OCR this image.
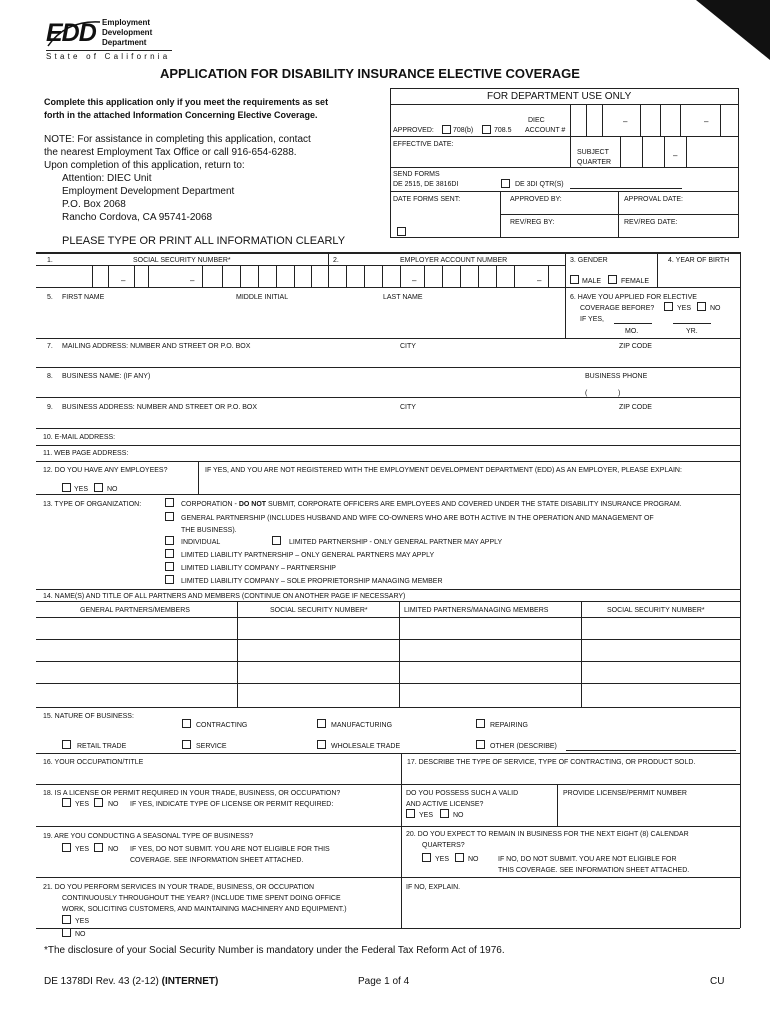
EDD Employment
Development
Department
State of California
APPLICATION FOR DISABILITY INSURANCE ELECTIVE COVERAGE
Complete this application only if you meet the requirements as set
forth in the attached Information Concerning Elective Coverage.
NOTE: For assistance in completing this application, contact
the nearest Employment Tax Office or call 916-654-6288.
Upon completion of this application, return to:
Attention: DIEC Unit
Employment Development Department
P.O. Box 2068
Rancho Cordova, CA 95741-2068
PLEASE TYPE OR PRINT ALL INFORMATION CLEARLY
FOR DEPARTMENT USE ONLY
APPROVED:	708(b)	708.5
DIEC
ACCOUNT #
–	–
EFFECTIVE DATE:
SUBJECT
QUARTER
–
SEND FORMS
DE 2515, DE 3816DI	DE 3DI QTR(S)
DATE FORMS SENT:	APPROVED BY:	APPROVAL DATE:
REV/REG BY:	REV/REG DATE:
1.	SOCIAL SECURITY NUMBER*	2.	EMPLOYER ACCOUNT NUMBER	3. GENDER	4. YEAR OF BIRTH
–	–	–	–	MALE	FEMALE
5. FIRST NAME	MIDDLE INITIAL	LAST NAME	6. HAVE YOU APPLIED FOR ELECTIVE
COVERAGE BEFORE?	YES	NO
IF YES,
MO.	YR.
7. MAILING ADDRESS: NUMBER AND STREET OR P.O. BOX	CITY	ZIP CODE
8. BUSINESS NAME: (IF ANY)	BUSINESS PHONE
(	)
9. BUSINESS ADDRESS: NUMBER AND STREET OR P.O. BOX	CITY	ZIP CODE
10. E-MAIL ADDRESS:
11. WEB PAGE ADDRESS:
12. DO YOU HAVE ANY EMPLOYEES?	IF YES, AND YOU ARE NOT REGISTERED WITH THE EMPLOYMENT DEVELOPMENT DEPARTMENT (EDD) AS AN EMPLOYER, PLEASE EXPLAIN:
YES	NO
13. TYPE OF ORGANIZATION:	CORPORATION - DO NOT SUBMIT, CORPORATE OFFICERS ARE EMPLOYEES AND COVERED UNDER THE STATE DISABILITY INSURANCE PROGRAM.
GENERAL PARTNERSHIP (INCLUDES HUSBAND AND WIFE CO-OWNERS WHO ARE BOTH ACTIVE IN THE OPERATION AND MANAGEMENT OF
THE BUSINESS).
INDIVIDUAL	LIMITED PARTNERSHIP - ONLY GENERAL PARTNER MAY APPLY
LIMITED LIABILITY PARTNERSHIP – ONLY GENERAL PARTNERS MAY APPLY
LIMITED LIABILITY COMPANY – PARTNERSHIP
LIMITED LIABILITY COMPANY – SOLE PROPRIETORSHIP MANAGING MEMBER
14. NAME(S) AND TITLE OF ALL PARTNERS AND MEMBERS (CONTINUE ON ANOTHER PAGE IF NECESSARY)
GENERAL PARTNERS/MEMBERS	SOCIAL SECURITY NUMBER*	LIMITED PARTNERS/MANAGING MEMBERS	SOCIAL SECURITY NUMBER*
15. NATURE OF BUSINESS:
CONTRACTING	MANUFACTURING	REPAIRING
RETAIL TRADE	SERVICE	WHOLESALE TRADE	OTHER (DESCRIBE)
16. YOUR OCCUPATION/TITLE	17. DESCRIBE THE TYPE OF SERVICE, TYPE OF CONTRACTING, OR PRODUCT SOLD.
18. IS A LICENSE OR PERMIT REQUIRED IN YOUR TRADE, BUSINESS, OR OCCUPATION?
YES	NO IF YES, INDICATE TYPE OF LICENSE OR PERMIT REQUIRED:
DO YOU POSSESS SUCH A VALID
AND ACTIVE LICENSE?
YES	NO
PROVIDE LICENSE/PERMIT NUMBER
19. ARE YOU CONDUCTING A SEASONAL TYPE OF BUSINESS?
YES	NO IF YES, DO NOT SUBMIT. YOU ARE NOT ELIGIBLE FOR THIS
COVERAGE. SEE INFORMATION SHEET ATTACHED.
20. DO YOU EXPECT TO REMAIN IN BUSINESS FOR THE NEXT EIGHT (8) CALENDAR
QUARTERS?
YES	NO	IF NO, DO NOT SUBMIT. YOU ARE NOT ELIGIBLE FOR
THIS COVERAGE. SEE INFORMATION SHEET ATTACHED.
21. DO YOU PERFORM SERVICES IN YOUR TRADE, BUSINESS, OR OCCUPATION
CONTINUOUSLY THROUGHOUT THE YEAR? (INCLUDE TIME SPENT DOING OFFICE
WORK, SOLICITING CUSTOMERS, AND MAINTAINING MACHINERY AND EQUIPMENT.)
YES
IF NO, EXPLAIN.
NO
*The disclosure of your Social Security Number is mandatory under the Federal Tax Reform Act of 1976.
DE 1378DI Rev. 43 (2-12) (INTERNET)	Page 1 of 4	CU
